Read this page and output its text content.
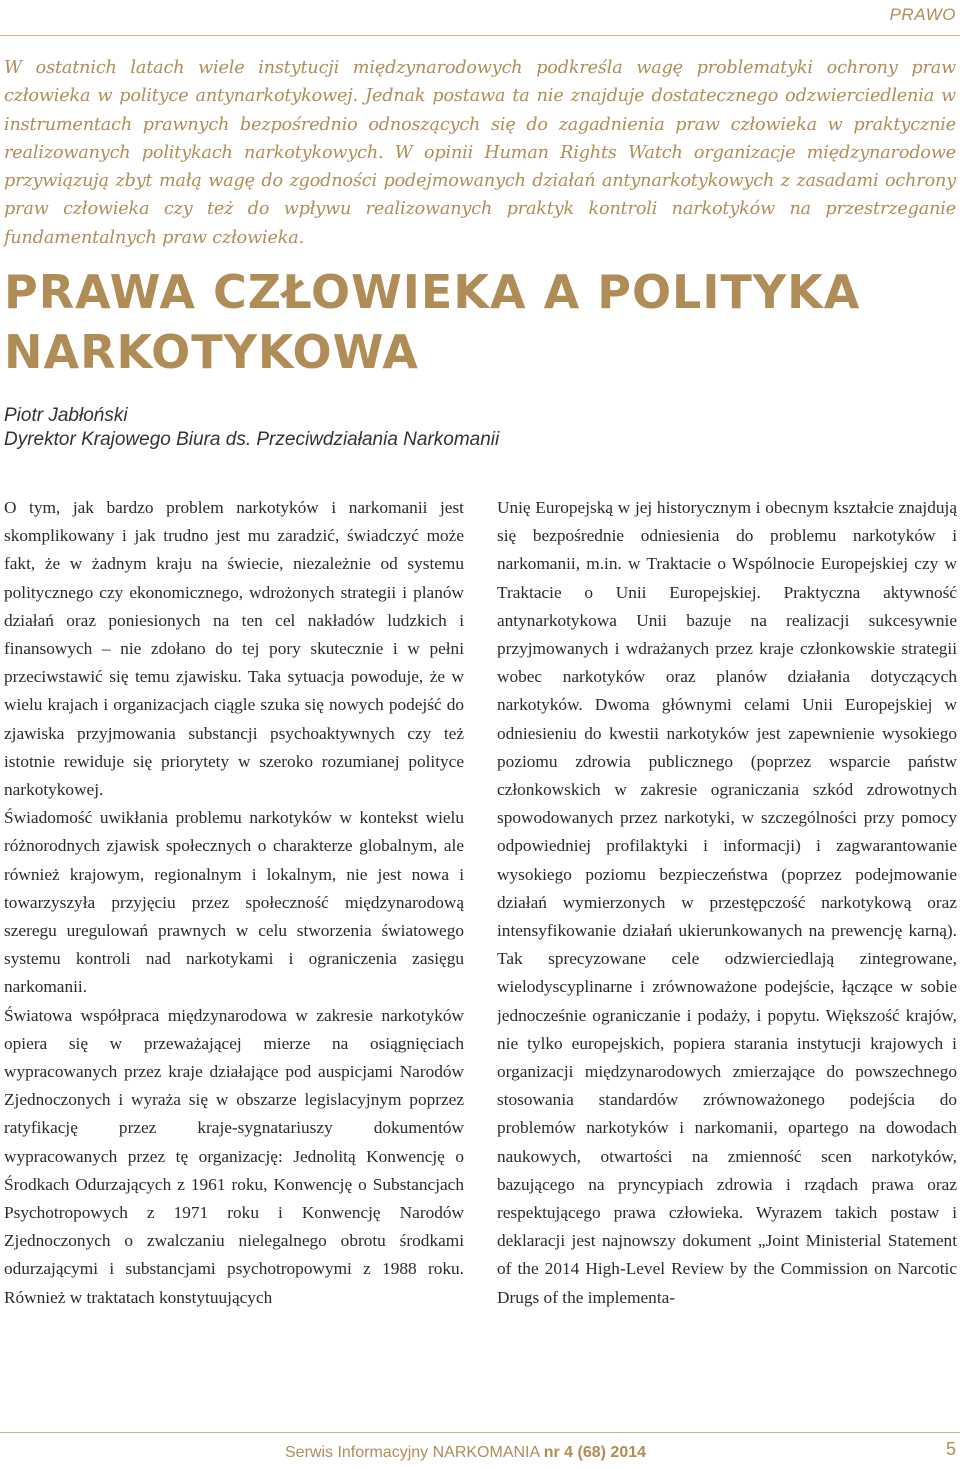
PRAWO

W ostatnich latach wiele instytucji międzynarodowych podkreśla wagę problematyki ochrony praw człowieka w polityce antynarkotykowej. Jednak postawa ta nie znajduje dostatecznego odzwierciedlenia w instrumentach prawnych bezpośrednio odnoszących się do zagadnienia praw człowieka w praktycznie realizowanych politykach narkotykowych. W opinii Human Rights Watch organizacje międzynarodowe przywiązują zbyt małą wagę do zgodności podejmowanych działań antynarkotykowych z zasadami ochrony praw człowieka czy też do wpływu realizowanych praktyk kontroli narkotyków na przestrzeganie fundamentalnych praw człowieka.

PRAWA CZŁOWIEKA A POLITYKA NARKOTYKOWA
Piotr Jabłoński
Dyrektor Krajowego Biura ds. Przeciwdziałania Narkomanii

O tym, jak bardzo problem narkotyków i narkomanii jest skomplikowany i jak trudno jest mu zaradzić, świadczyć może fakt, że w żadnym kraju na świecie, niezależnie od systemu politycznego czy ekonomicznego, wdrożonych strategii i planów działań oraz poniesionych na ten cel nakładów ludzkich i finansowych – nie zdołano do tej pory skutecznie i w pełni przeciwstawić się temu zjawisku. Taka sytuacja powoduje, że w wielu krajach i organizacjach ciągle szuka się nowych podejść do zjawiska przyjmowania substancji psychoaktywnych czy też istotnie rewiduje się priorytety w szeroko rozumianej polityce narkotykowej.

Świadomość uwikłania problemu narkotyków w kontekst wielu różnorodnych zjawisk społecznych o charakterze globalnym, ale również krajowym, regionalnym i lokalnym, nie jest nowa i towarzyszyła przyjęciu przez społeczność międzynarodową szeregu uregulowań prawnych w celu stworzenia światowego systemu kontroli nad narkotykami i ograniczenia zasięgu narkomanii.

Światowa współpraca międzynarodowa w zakresie narkotyków opiera się w przeważającej mierze na osiągnięciach wypracowanych przez kraje działające pod auspicjami Narodów Zjednoczonych i wyraża się w obszarze legislacyjnym poprzez ratyfikację przez kraje-sygnatariuszy dokumentów wypracowanych przez tę organizację: Jednolitą Konwencję o Środkach Odurzających z 1961 roku, Konwencję o Substancjach Psychotropowych z 1971 roku i Konwencję Narodów Zjednoczonych o zwalczaniu nielegalnego obrotu środkami odurzającymi i substancjami psychotropowymi z 1988 roku. Również w traktatach konstytuujących

Unię Europejską w jej historycznym i obecnym kształcie znajdują się bezpośrednie odniesienia do problemu narkotyków i narkomanii, m.in. w Traktacie o Wspólnocie Europejskiej czy w Traktacie o Unii Europejskiej. Praktyczna aktywność antynarkotykowa Unii bazuje na realizacji sukcesywnie przyjmowanych i wdrażanych przez kraje członkowskie strategii wobec narkotyków oraz planów działania dotyczących narkotyków. Dwoma głównymi celami Unii Europejskiej w odniesieniu do kwestii narkotyków jest zapewnienie wysokiego poziomu zdrowia publicznego (poprzez wsparcie państw członkowskich w zakresie ograniczania szkód zdrowotnych spowodowanych przez narkotyki, w szczególności przy pomocy odpowiedniej profilaktyki i informacji) i zagwarantowanie wysokiego poziomu bezpieczeństwa (poprzez podejmowanie działań wymierzonych w przestępczość narkotykową oraz intensyfikowanie działań ukierunkowanych na prewencję karną). Tak sprecyzowane cele odzwierciedlają zintegrowane, wielodyscyplinarne i zrównoważone podejście, łączące w sobie jednocześnie ograniczanie i podaży, i popytu. Większość krajów, nie tylko europejskich, popiera starania instytucji krajowych i organizacji międzynarodowych zmierzające do powszechnego stosowania standardów zrównoważonego podejścia do problemów narkotyków i narkomanii, opartego na dowodach naukowych, otwartości na zmienność scen narkotyków, bazującego na pryncypiach zdrowia i rządach prawa oraz respektującego prawa człowieka. Wyrazem takich postaw i deklaracji jest najnowszy dokument „Joint Ministerial Statement of the 2014 High-Level Review by the Commission on Narcotic Drugs of the implementa-

Serwis Informacyjny NARKOMANIA nr 4 (68) 2014	5
